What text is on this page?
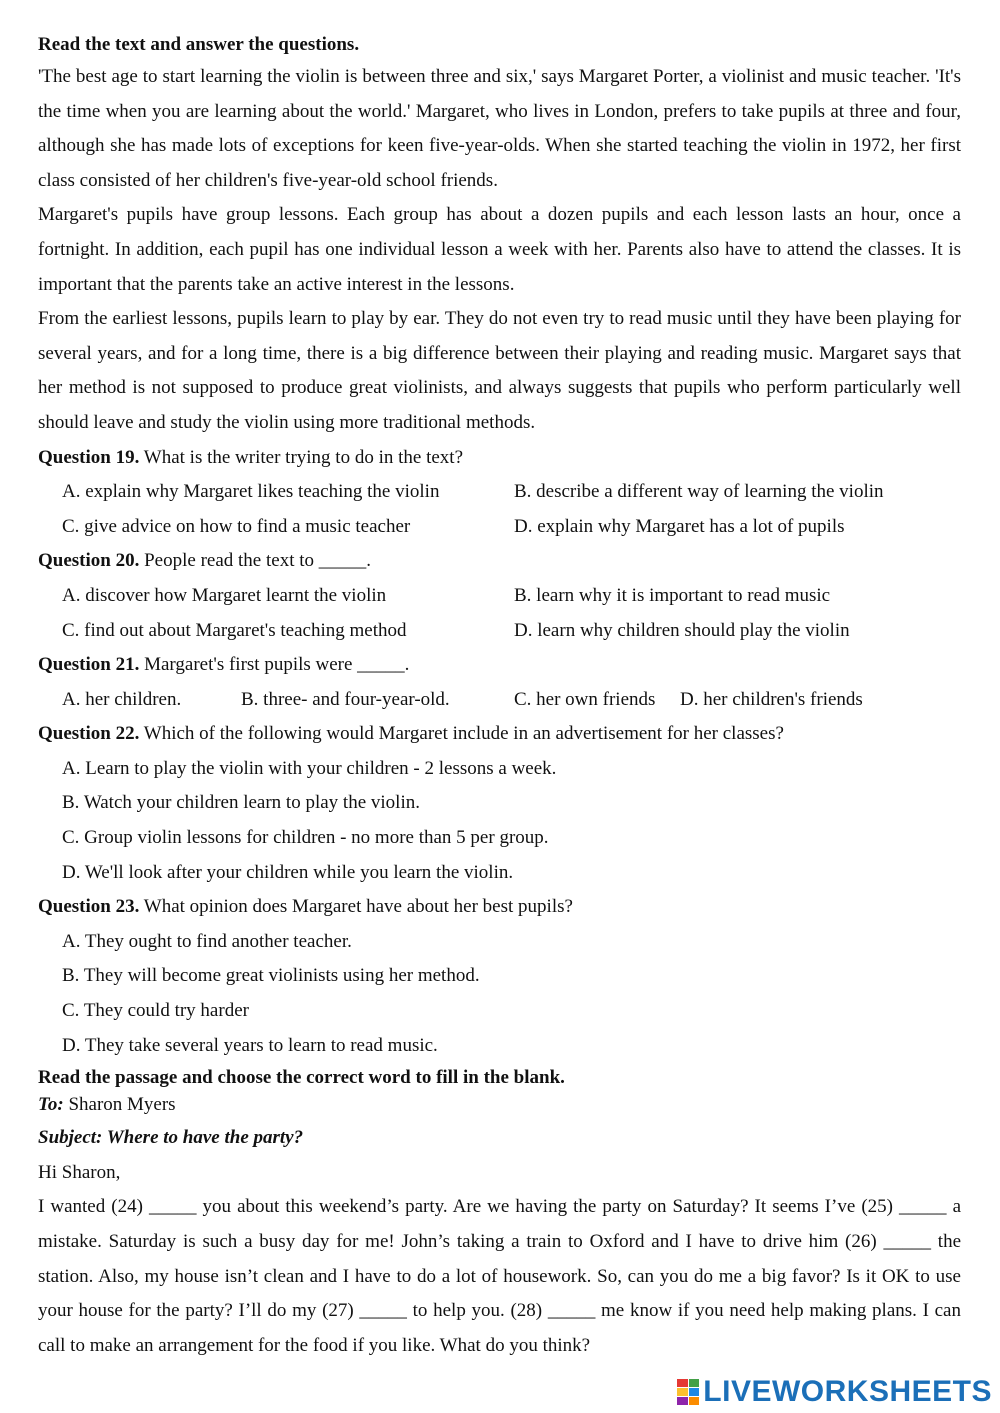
Read the text and answer the questions.

'The best age to start learning the violin is between three and six,' says Margaret Porter, a violinist and music teacher. 'It's the time when you are learning about the world.' Margaret, who lives in London, prefers to take pupils at three and four, although she has made lots of exceptions for keen five-year-olds. When she started teaching the violin in 1972, her first class consisted of her children's five-year-old school friends.

Margaret's pupils have group lessons. Each group has about a dozen pupils and each lesson lasts an hour, once a fortnight. In addition, each pupil has one individual lesson a week with her. Parents also have to attend the classes. It is important that the parents take an active interest in the lessons.

From the earliest lessons, pupils learn to play by ear. They do not even try to read music until they have been playing for several years, and for a long time, there is a big difference between their playing and reading music. Margaret says that her method is not supposed to produce great violinists, and always suggests that pupils who perform particularly well should leave and study the violin using more traditional methods.

Question 19. What is the writer trying to do in the text?
A. explain why Margaret likes teaching the violin	B. describe a different way of learning the violin
C. give advice on how to find a music teacher	D. explain why Margaret has a lot of pupils
Question 20. People read the text to _____.
A. discover how Margaret learnt the violin	B. learn why it is important to read music
C. find out about Margaret's teaching method	D. learn why children should play the violin
Question 21. Margaret's first pupils were _____.
A. her children.	B. three- and four-year-old.	C. her own friends D. her children's friends
Question 22. Which of the following would Margaret include in an advertisement for her classes?
A. Learn to play the violin with your children - 2 lessons a week.
B. Watch your children learn to play the violin.
C. Group violin lessons for children - no more than 5 per group.
D. We'll look after your children while you learn the violin.
Question 23. What opinion does Margaret have about her best pupils?
A. They ought to find another teacher.
B. They will become great violinists using her method.
C. They could try harder
D. They take several years to learn to read music.
Read the passage and choose the correct word to fill in the blank.
To: Sharon Myers
Subject: Where to have the party?
Hi Sharon,

I wanted (24) _____ you about this weekend’s party. Are we having the party on Saturday? It seems I’ve (25) _____ a mistake. Saturday is such a busy day for me! John’s taking a train to Oxford and I have to drive him (26) _____ the station. Also, my house isn’t clean and I have to do a lot of housework. So, can you do me a big favor? Is it OK to use your house for the party? I’ll do my (27) _____ to help you. (28) _____ me know if you need help making plans. I can call to make an arrangement for the food if you like. What do you think?

LIVEWORKSHEETS
